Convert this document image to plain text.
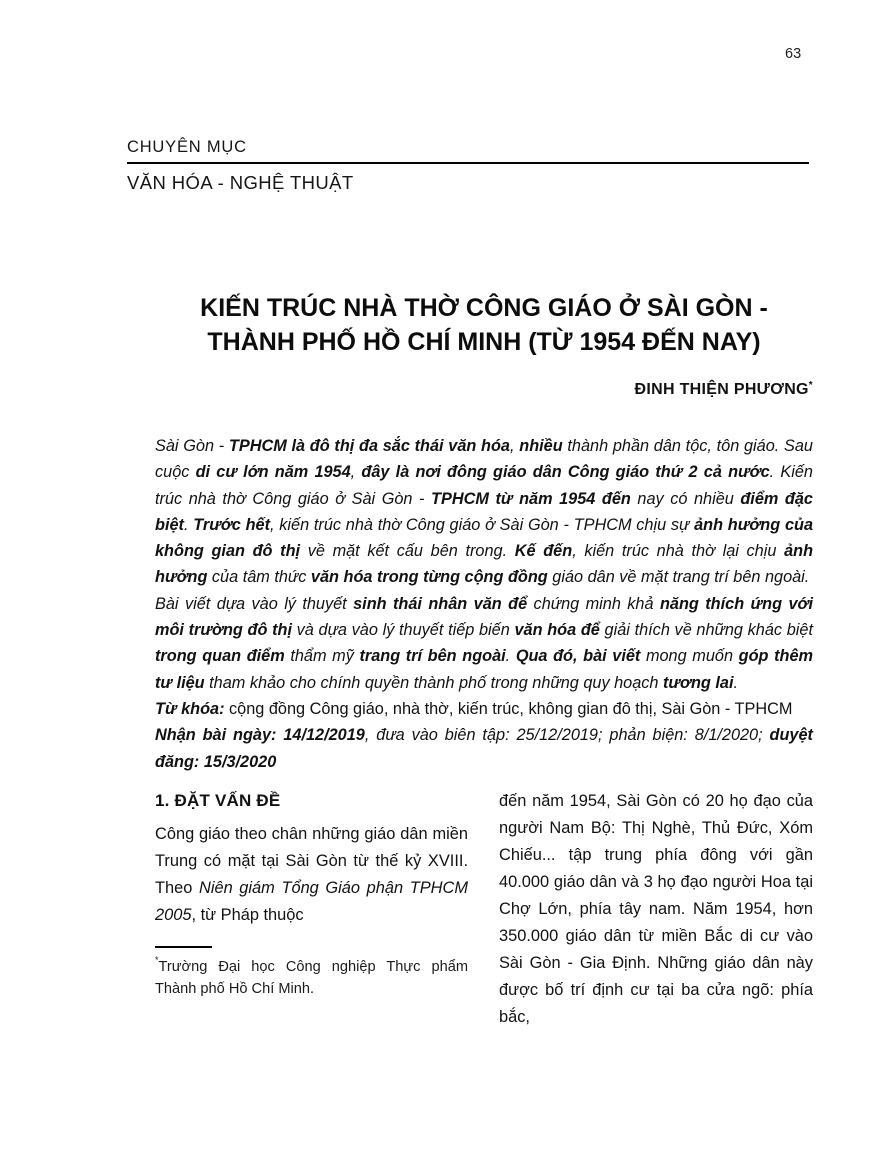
63
CHUYÊN MỤC
VĂN HÓA - NGHỆ THUẬT
KIẾN TRÚC NHÀ THỜ CÔNG GIÁO Ở SÀI GÒN - THÀNH PHỐ HỒ CHÍ MINH (TỪ 1954 ĐẾN NAY)
ĐINH THIỆN PHƯƠNG*

Sài Gòn - TPHCM là đô thị đa sắc thái văn hóa, nhiều thành phần dân tộc, tôn giáo. Sau cuộc di cư lớn năm 1954, đây là nơi đông giáo dân Công giáo thứ 2 cả nước. Kiến trúc nhà thờ Công giáo ở Sài Gòn - TPHCM từ năm 1954 đến nay có nhiều điểm đặc biệt. Trước hết, kiến trúc nhà thờ Công giáo ở Sài Gòn - TPHCM chịu sự ảnh hưởng của không gian đô thị về mặt kết cấu bên trong. Kế đến, kiến trúc nhà thờ lại chịu ảnh hưởng của tâm thức văn hóa trong từng cộng đồng giáo dân về mặt trang trí bên ngoài.

Bài viết dựa vào lý thuyết sinh thái nhân văn để chứng minh khả năng thích ứng với môi trường đô thị và dựa vào lý thuyết tiếp biến văn hóa để giải thích về những khác biệt trong quan điểm thẩm mỹ trang trí bên ngoài. Qua đó, bài viết mong muốn góp thêm tư liệu tham khảo cho chính quyền thành phố trong những quy hoạch tương lai.

Từ khóa: cộng đồng Công giáo, nhà thờ, kiến trúc, không gian đô thị, Sài Gòn - TPHCM

Nhận bài ngày: 14/12/2019, đưa vào biên tập: 25/12/2019; phản biện: 8/1/2020; duyệt đăng: 15/3/2020

1. ĐẶT VẤN ĐỀ

Công giáo theo chân những giáo dân miền Trung có mặt tại Sài Gòn từ thế kỷ XVIII. Theo Niên giám Tổng Giáo phận TPHCM 2005, từ Pháp thuộc

*Trường Đại học Công nghiệp Thực phẩm Thành phố Hồ Chí Minh.

đến năm 1954, Sài Gòn có 20 họ đạo của người Nam Bộ: Thị Nghè, Thủ Đức, Xóm Chiếu... tập trung phía đông với gần 40.000 giáo dân và 3 họ đạo người Hoa tại Chợ Lớn, phía tây nam. Năm 1954, hơn 350.000 giáo dân từ miền Bắc di cư vào Sài Gòn - Gia Định. Những giáo dân này được bố trí định cư tại ba cửa ngõ: phía bắc,
